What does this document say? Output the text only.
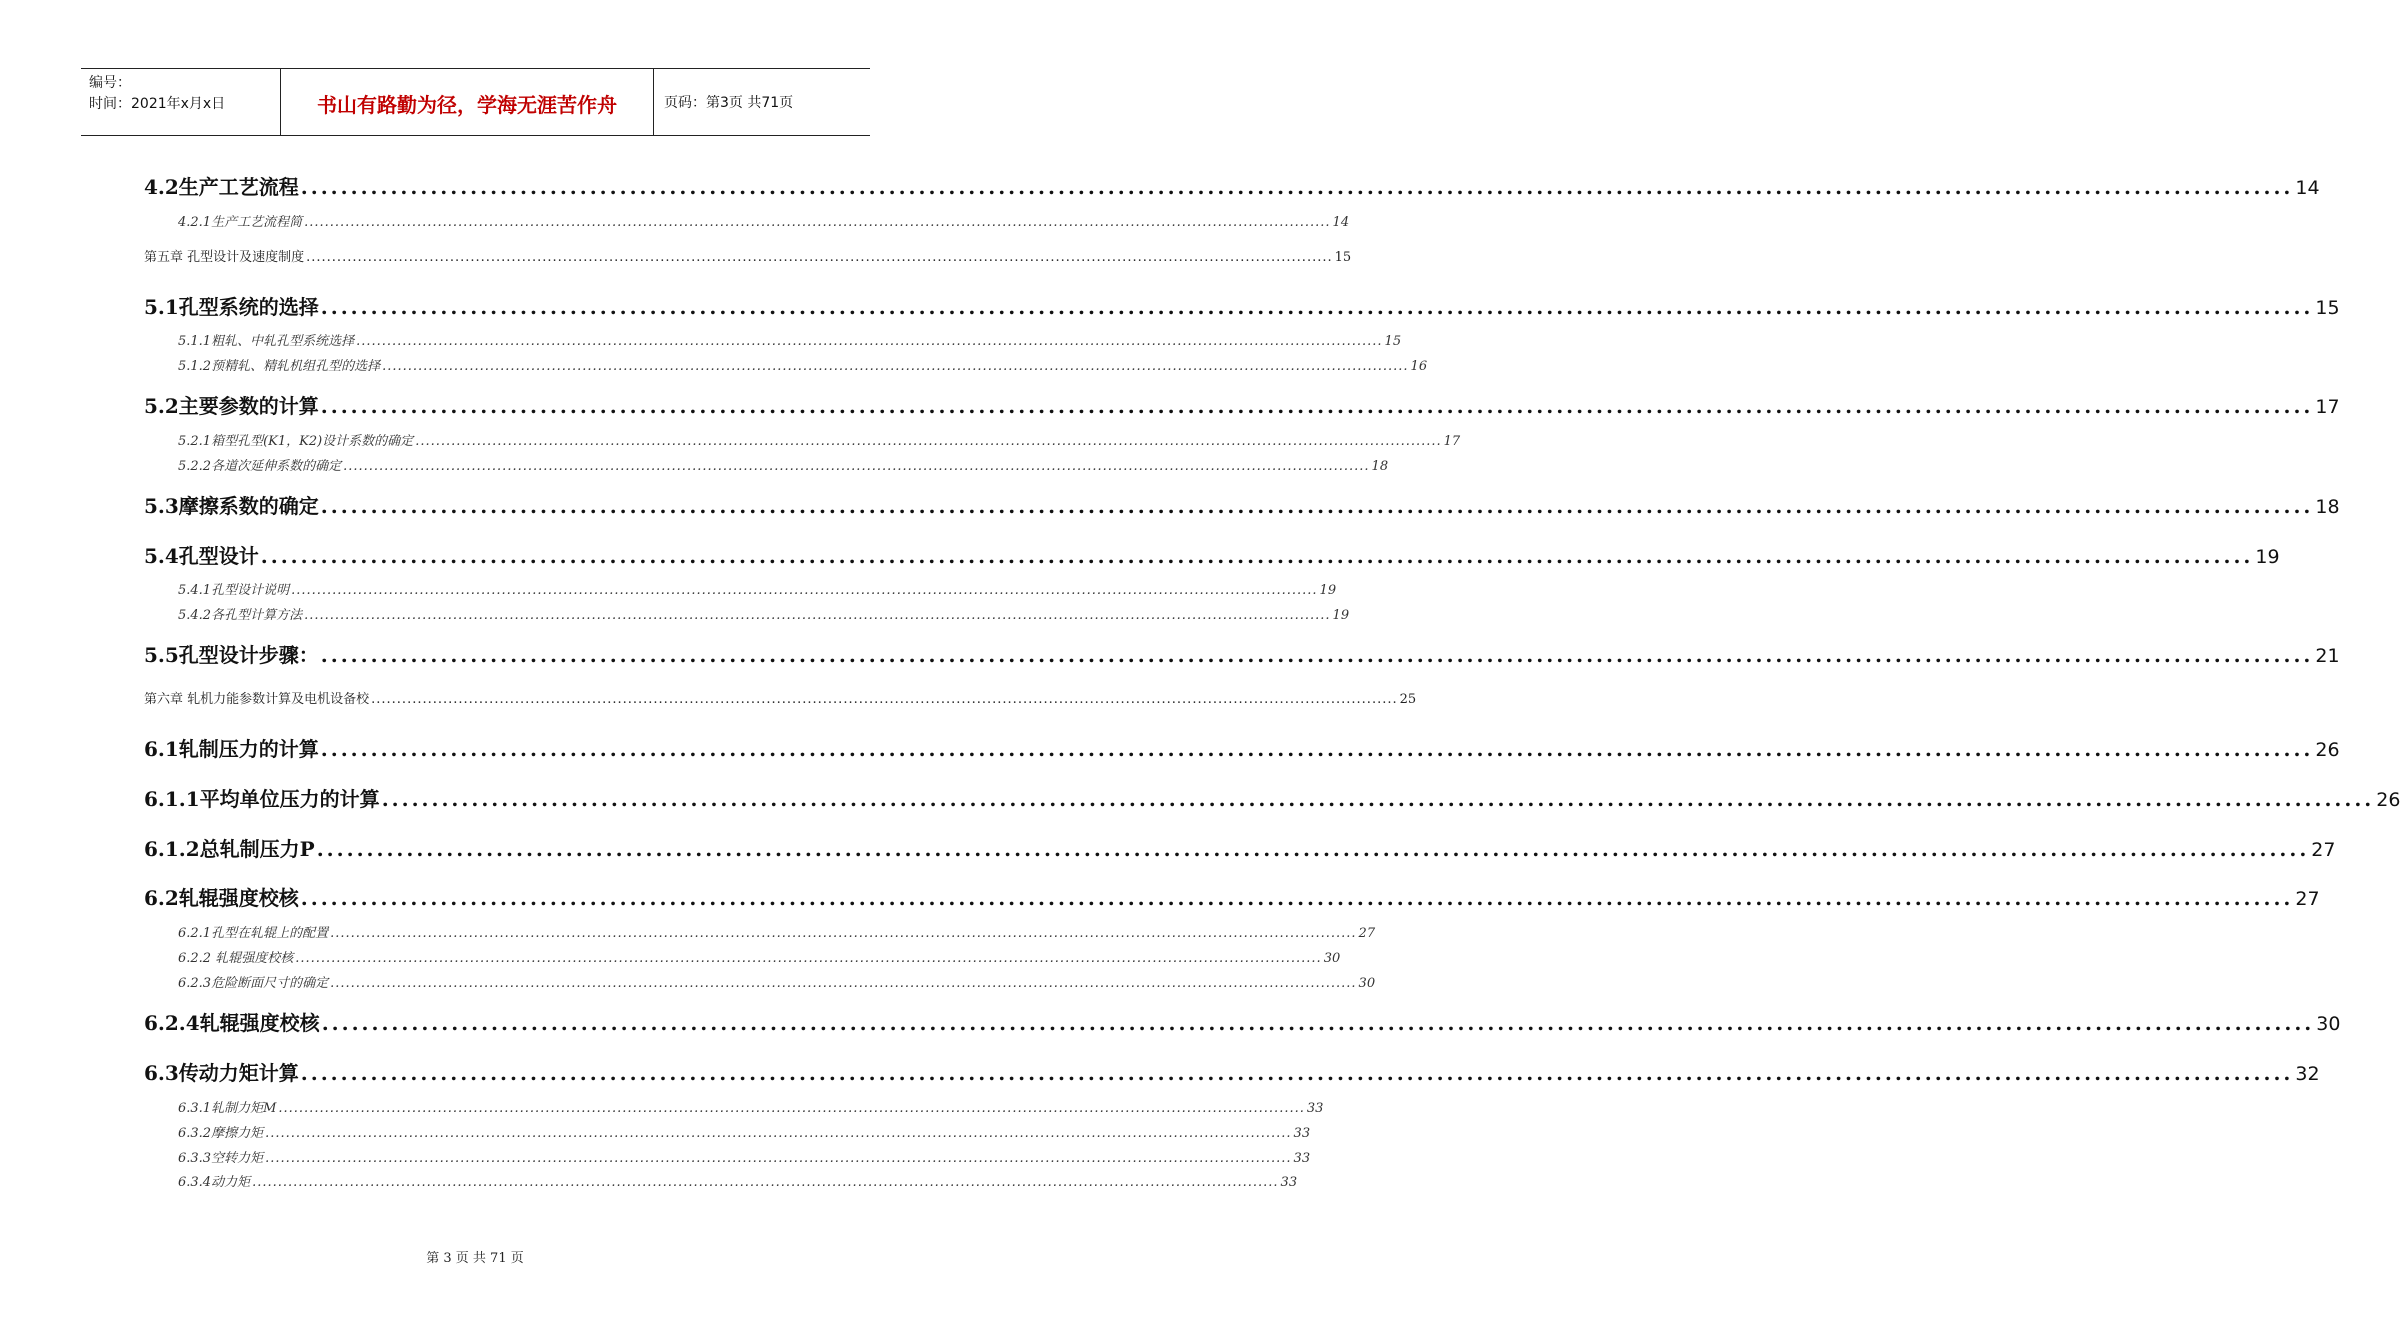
编号：
时间：2021年x月x日	书山有路勤为径，学海无涯苦作舟	页码：第3页 共71页
4.2生产工艺流程 ........................................................................................................................................................................................................ 14
4.2.1生产工艺流程简 ........................................................................................................................................................................................................ 14
第五章 孔型设计及速度制度 ........................................................................................................................................................................................................ 15
5.1孔型系统的选择 ........................................................................................................................................................................................................ 15
5.1.1粗轧、中轧孔型系统选择 ........................................................................................................................................................................................................ 15
5.1.2预精轧、精轧机组孔型的选择 ........................................................................................................................................................................................................ 16
5.2主要参数的计算 ........................................................................................................................................................................................................ 17
5.2.1箱型孔型(K1，K2)设计系数的确定 ........................................................................................................................................................................................................ 17
5.2.2各道次延伸系数的确定 ........................................................................................................................................................................................................ 18
5.3摩擦系数的确定 ........................................................................................................................................................................................................ 18
5.4孔型设计 ........................................................................................................................................................................................................ 19
5.4.1孔型设计说明 ........................................................................................................................................................................................................ 19
5.4.2各孔型计算方法 ........................................................................................................................................................................................................ 19
5.5孔型设计步骤： ........................................................................................................................................................................................................ 21
第六章 轧机力能参数计算及电机设备校 ........................................................................................................................................................................................................ 25
6.1轧制压力的计算 ........................................................................................................................................................................................................ 26
6.1.1平均单位压力的计算 ........................................................................................................................................................................................................ 26
6.1.2总轧制压力P ........................................................................................................................................................................................................ 27
6.2轧辊强度校核 ........................................................................................................................................................................................................ 27
6.2.1孔型在轧辊上的配置 ........................................................................................................................................................................................................ 27
6.2.2 轧辊强度校核 ........................................................................................................................................................................................................ 30
6.2.3危险断面尺寸的确定 ........................................................................................................................................................................................................ 30
6.2.4轧辊强度校核 ........................................................................................................................................................................................................ 30
6.3传动力矩计算 ........................................................................................................................................................................................................ 32
6.3.1轧制力矩M ........................................................................................................................................................................................................ 33
6.3.2摩擦力矩 ........................................................................................................................................................................................................ 33
6.3.3空转力矩 ........................................................................................................................................................................................................ 33
6.3.4动力矩 ........................................................................................................................................................................................................ 33
第 3 页 共 71 页
